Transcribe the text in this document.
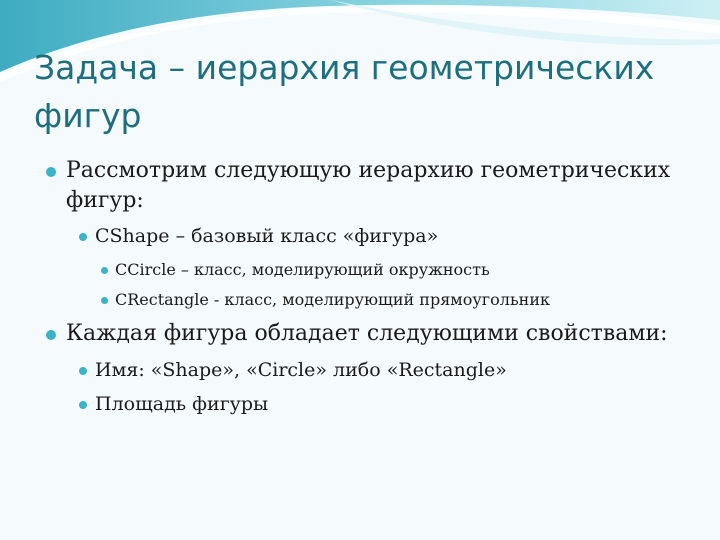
Задача – иерархия геометрических фигур
Рассмотрим следующую иерархию геометрических фигур:
CShape – базовый класс «фигура»
CCircle – класс, моделирующий окружность
CRectangle - класс, моделирующий прямоугольник
Каждая фигура обладает следующими свойствами:
Имя: «Shape», «Circle» либо «Rectangle»
Площадь фигуры
